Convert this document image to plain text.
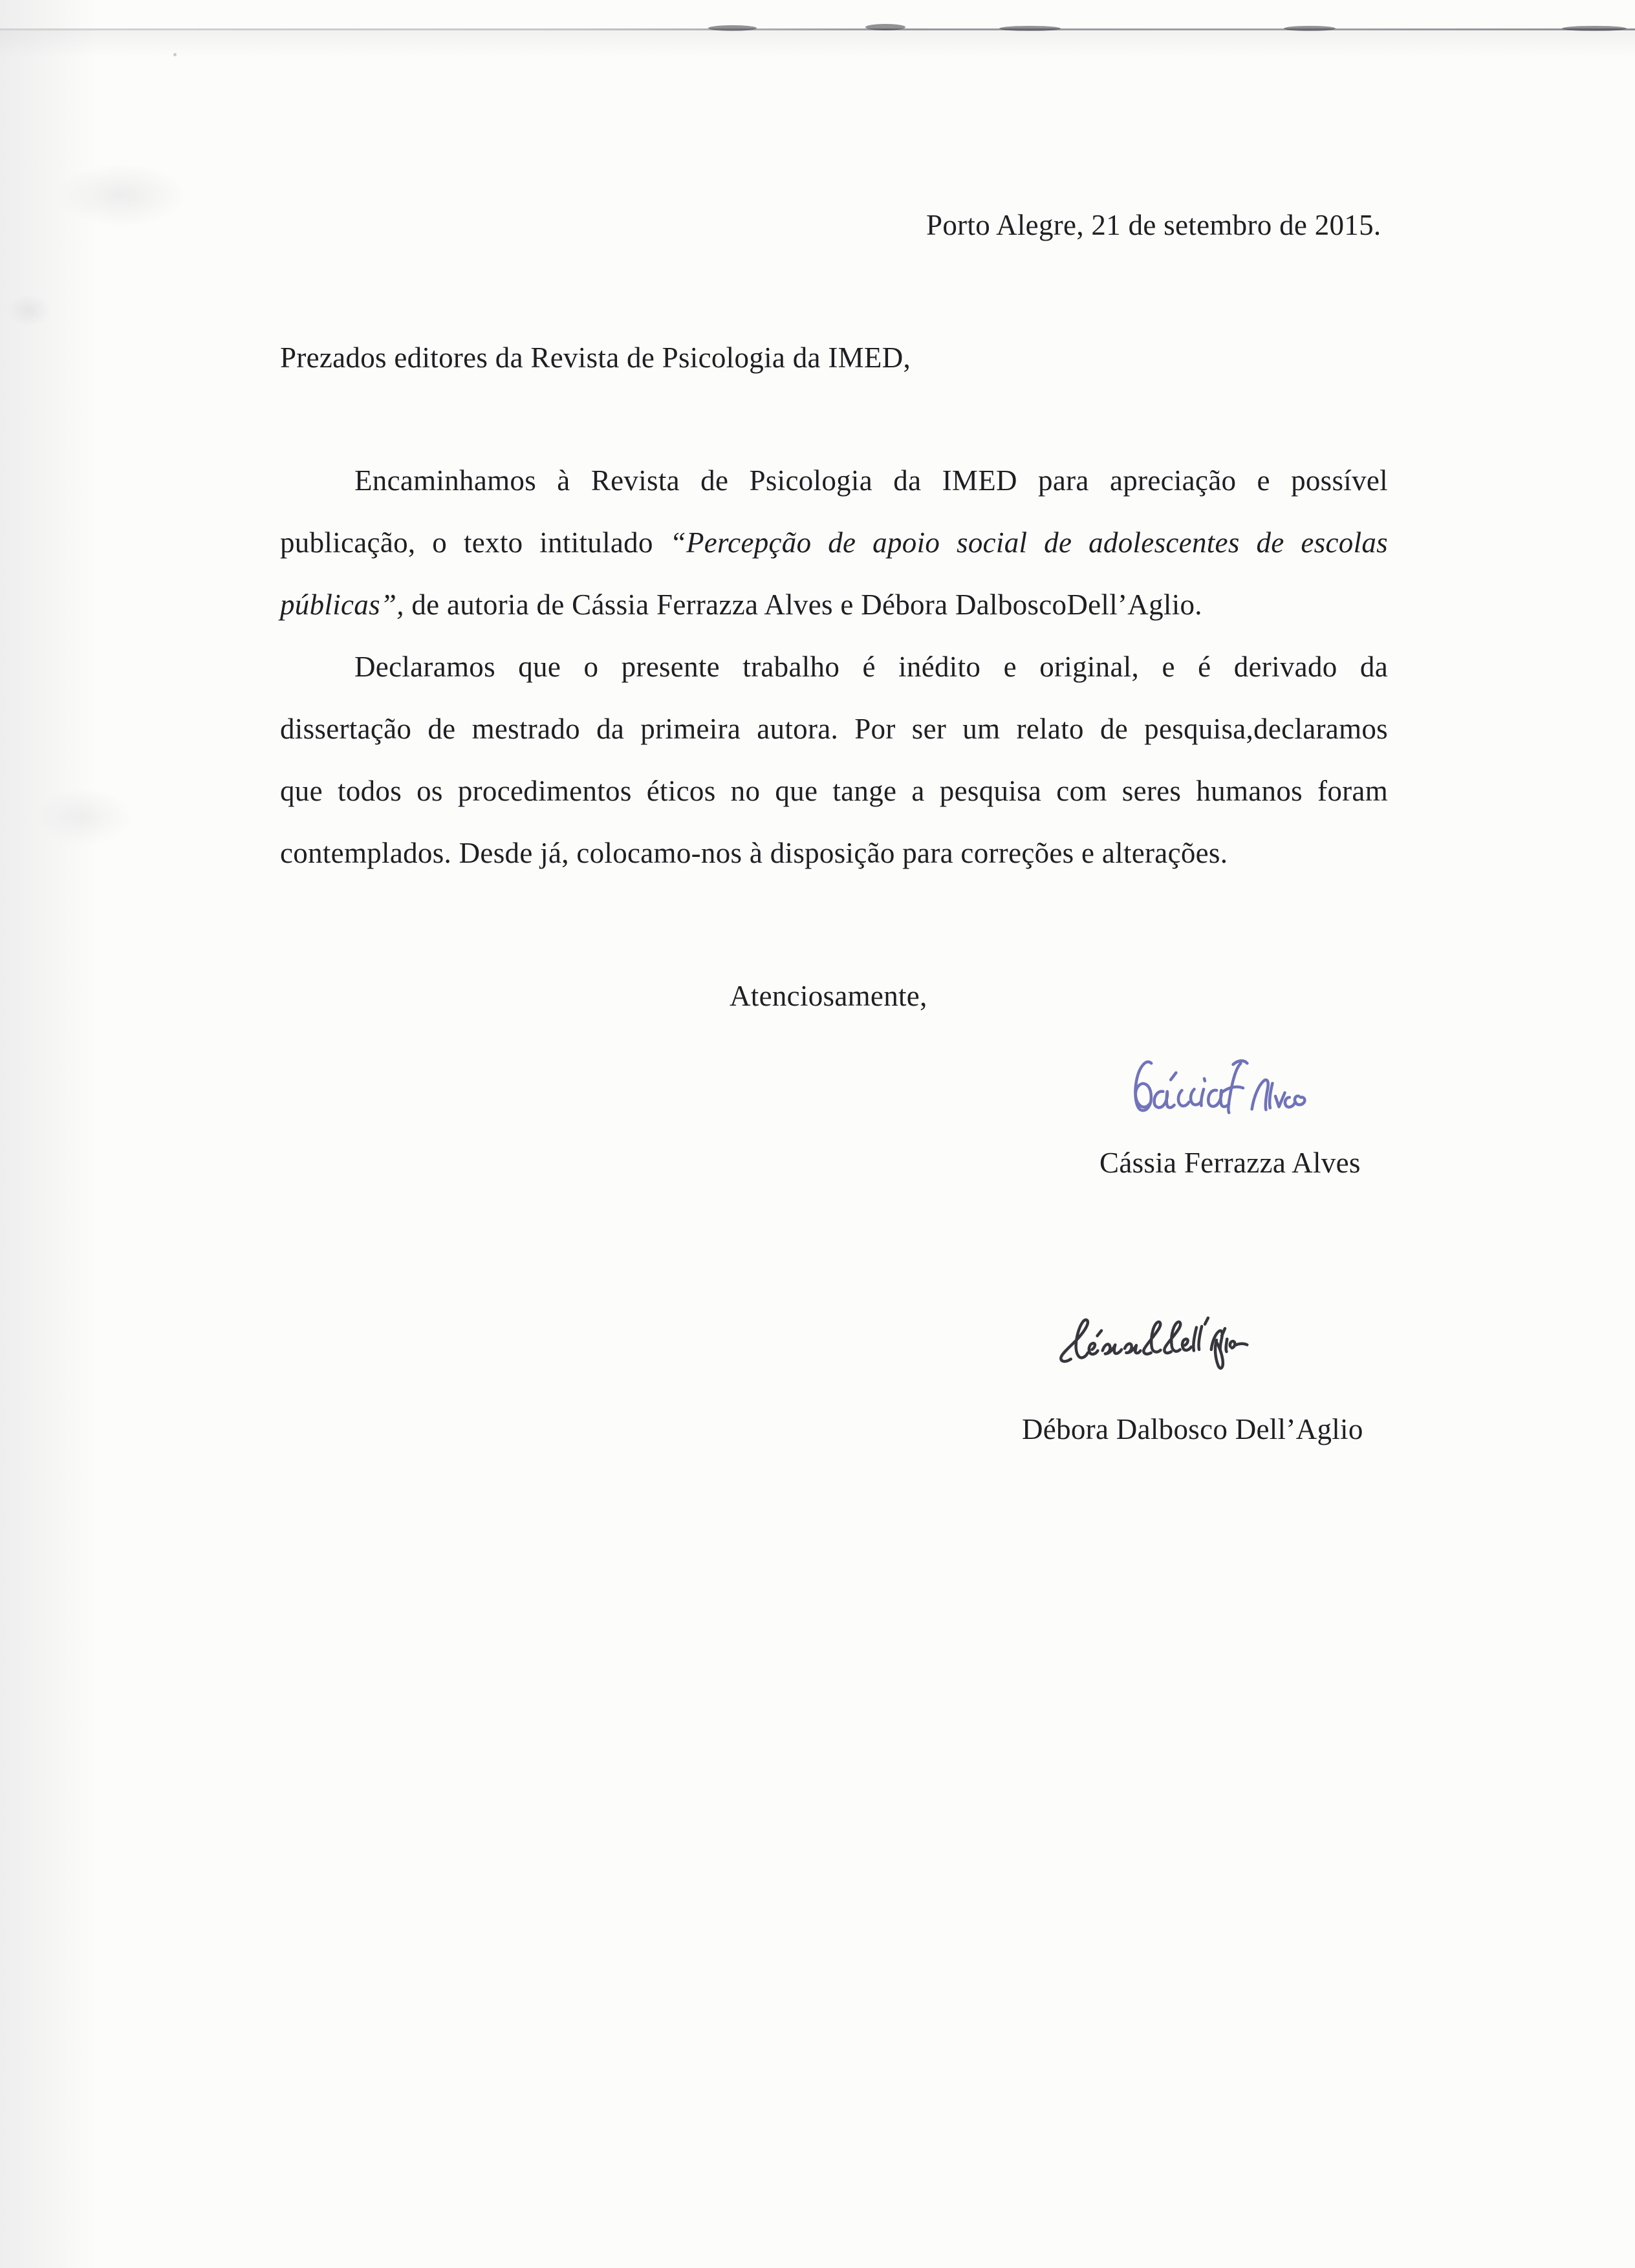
Porto Alegre, 21 de setembro de 2015.
Prezados editores da Revista de Psicologia da IMED,
Encaminhamos à Revista de Psicologia da IMED para apreciação e possível
publicação, o texto intitulado “Percepção de apoio social de adolescentes de escolas
públicas”, de autoria de Cássia Ferrazza Alves e Débora DalboscoDell’Aglio.
Declaramos que o presente trabalho é inédito e original, e é derivado da
dissertação de mestrado da primeira autora. Por ser um relato de pesquisa,declaramos
que todos os procedimentos éticos no que tange a pesquisa com seres humanos foram
contemplados. Desde já, colocamo-nos à disposição para correções e alterações.
Atenciosamente,
Cássia Ferrazza Alves
Débora Dalbosco Dell’Aglio
